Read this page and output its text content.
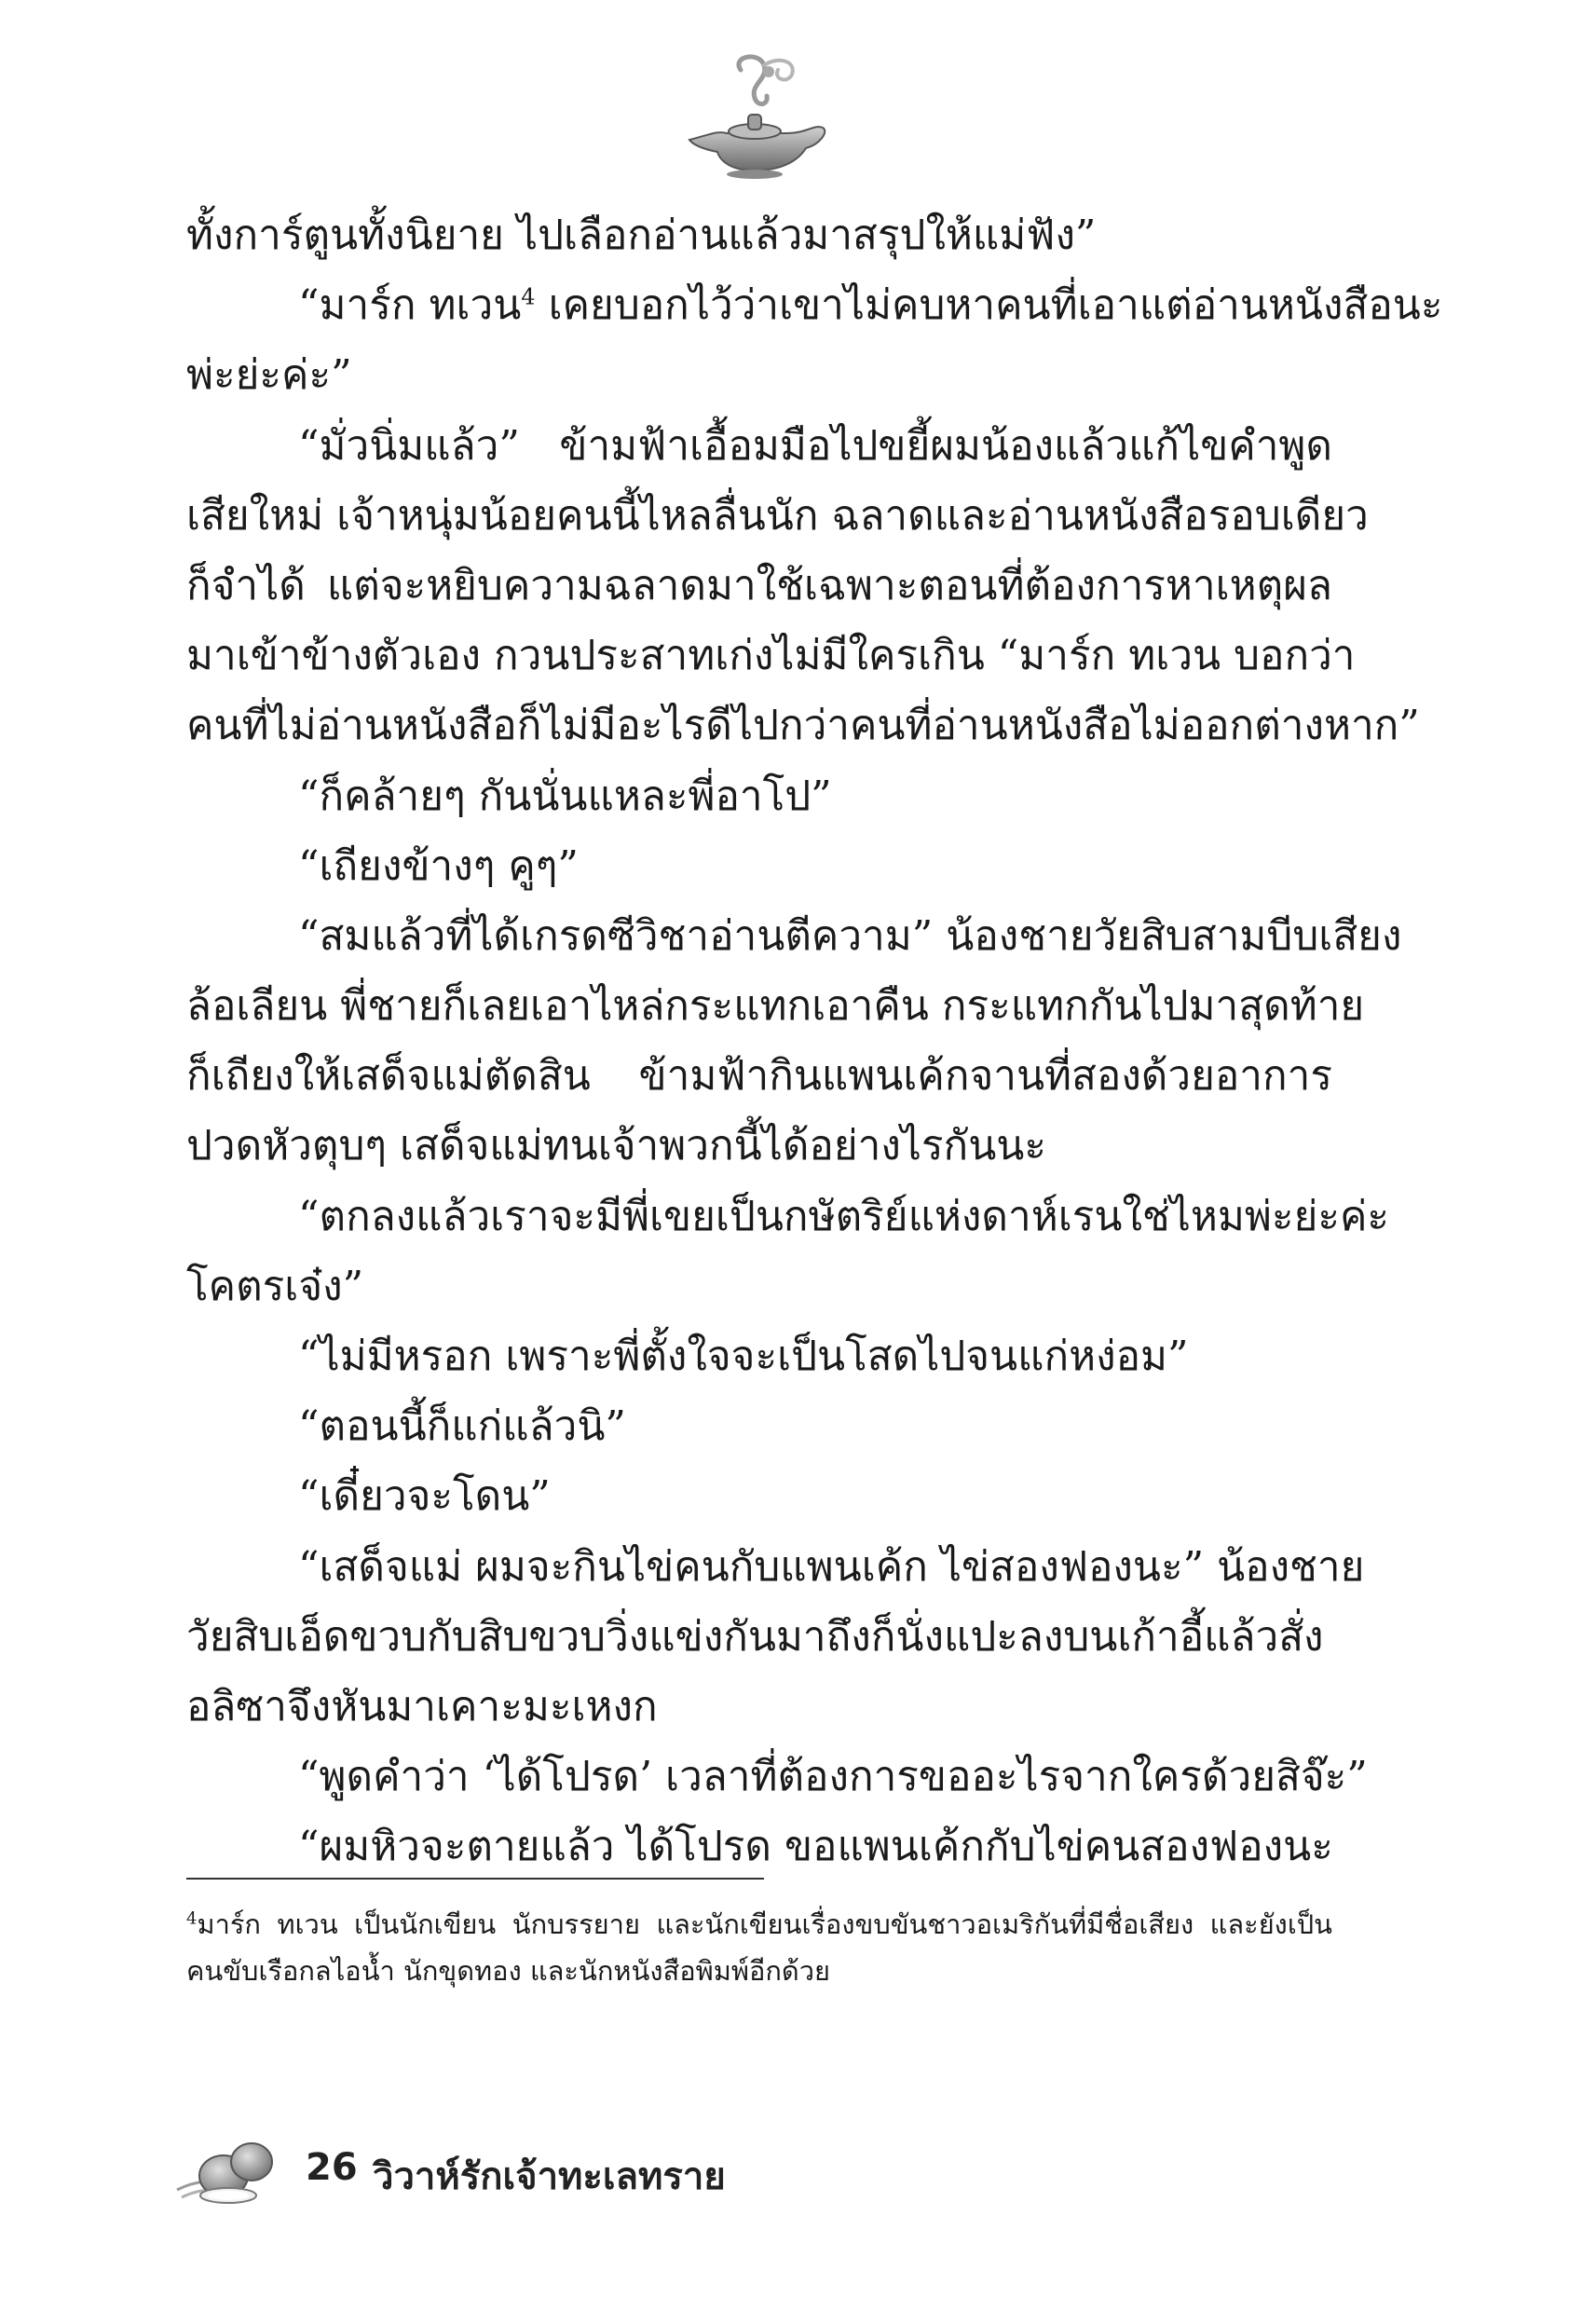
ทั้งการ์ตูนทั้งนิยาย ไปเลือกอ่านแล้วมาสรุปให้แม่ฟัง”
“มาร์ก ทเวน$^4$ เคยบอกไว้ว่าเขาไม่คบหาคนที่เอาแต่อ่านหนังสือนะ
พ่ะย่ะค่ะ”
“มั่วนิ่มแล้ว” ข้ามฟ้าเอื้อมมือไปขยี้ผมน้องแล้วแก้ไขคำพูด
เสียใหม่ เจ้าหนุ่มน้อยคนนี้ไหลลื่นนัก ฉลาดและอ่านหนังสือรอบเดียว
ก็จำได้ แต่จะหยิบความฉลาดมาใช้เฉพาะตอนที่ต้องการหาเหตุผล
มาเข้าข้างตัวเอง กวนประสาทเก่งไม่มีใครเกิน “มาร์ก ทเวน บอกว่า
คนที่ไม่อ่านหนังสือก็ไม่มีอะไรดีไปกว่าคนที่อ่านหนังสือไม่ออกต่างหาก”
“ก็คล้ายๆ กันนั่นแหละพี่อาโป”
“เถียงข้างๆ คูๆ”
“สมแล้วที่ได้เกรดซีวิชาอ่านตีความ” น้องชายวัยสิบสามบีบเสียง
ล้อเลียน พี่ชายก็เลยเอาไหล่กระแทกเอาคืน กระแทกกันไปมาสุดท้าย
ก็เถียงให้เสด็จแม่ตัดสิน ข้ามฟ้ากินแพนเค้กจานที่สองด้วยอาการ
ปวดหัวตุบๆ เสด็จแม่ทนเจ้าพวกนี้ได้อย่างไรกันนะ
“ตกลงแล้วเราจะมีพี่เขยเป็นกษัตริย์แห่งดาห์เรนใช่ไหมพ่ะย่ะค่ะ
โคตรเจ๋ง”
“ไม่มีหรอก เพราะพี่ตั้งใจจะเป็นโสดไปจนแก่หง่อม”
“ตอนนี้ก็แก่แล้วนิ”
“เดี๋ยวจะโดน”
“เสด็จแม่ ผมจะกินไข่คนกับแพนเค้ก ไข่สองฟองนะ” น้องชาย
วัยสิบเอ็ดขวบกับสิบขวบวิ่งแข่งกันมาถึงก็นั่งแปะลงบนเก้าอี้แล้วสั่ง
อลิซาจึงหันมาเคาะมะเหงก
“พูดคำว่า ‘ได้โปรด’ เวลาที่ต้องการขออะไรจากใครด้วยสิจ๊ะ”
“ผมหิวจะตายแล้ว ได้โปรด ขอแพนเค้กกับไข่คนสองฟองนะ
$^4$มาร์ก ทเวน เป็นนักเขียน นักบรรยาย และนักเขียนเรื่องขบขันชาวอเมริกันที่มีชื่อเสียง และยังเป็น
คนขับเรือกลไอน้ำ นักขุดทอง และนักหนังสือพิมพ์อีกด้วย
26 วิวาห์รักเจ้าทะเลทราย
